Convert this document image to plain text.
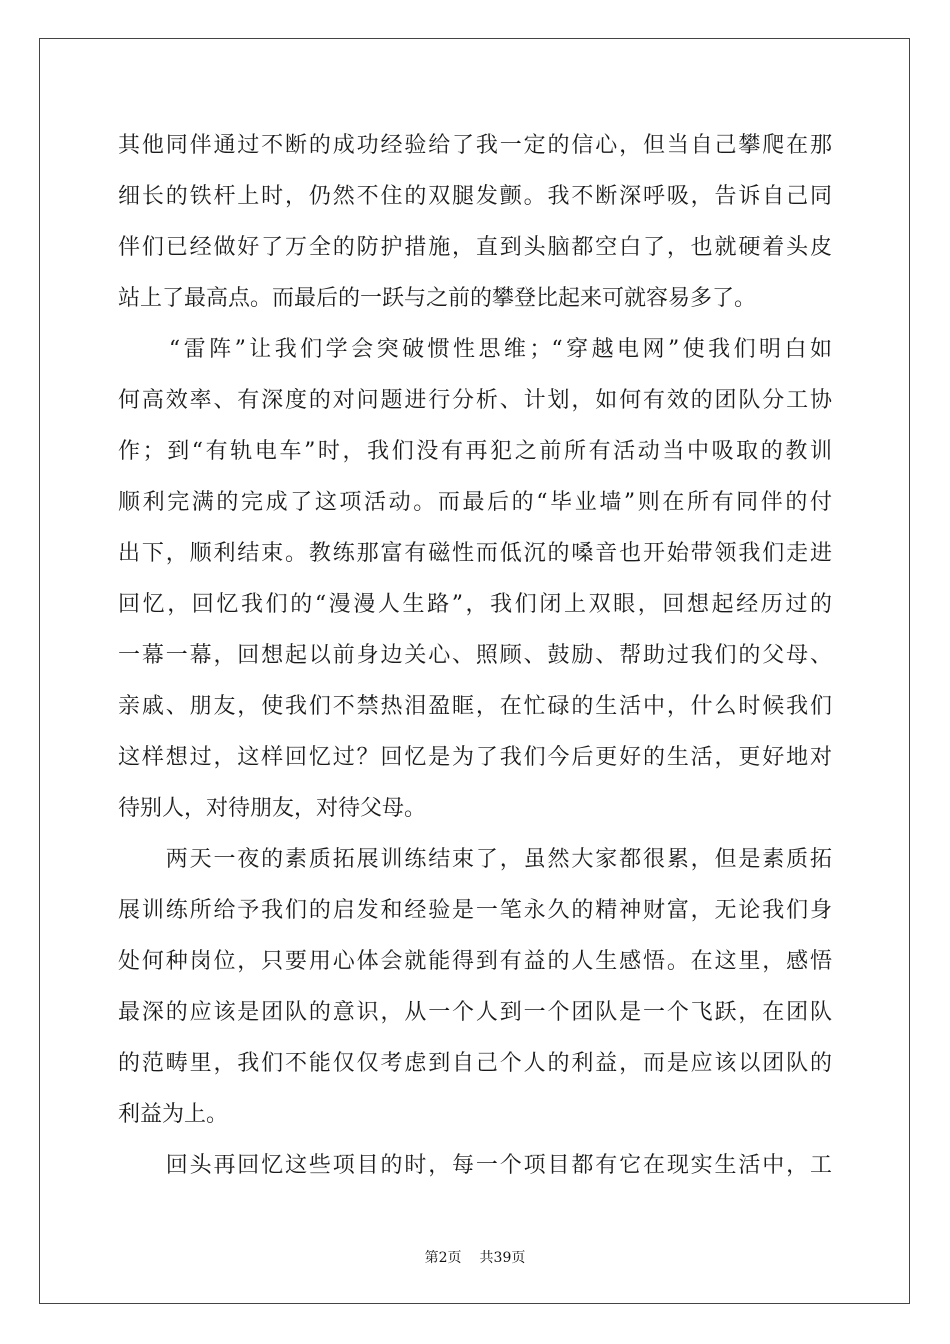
其他同伴通过不断的成功经验给了我一定的信心，但当自己攀爬在那
细长的铁杆上时，仍然不住的双腿发颤。我不断深呼吸，告诉自己同
伴们已经做好了万全的防护措施，直到头脑都空白了，也就硬着头皮
站上了最高点。而最后的一跃与之前的攀登比起来可就容易多了。
　　“雷阵”让我们学会突破惯性思维；“穿越电网”使我们明白如
何高效率、有深度的对问题进行分析、计划，如何有效的团队分工协
作；到“有轨电车”时，我们没有再犯之前所有活动当中吸取的教训
顺利完满的完成了这项活动。而最后的“毕业墙”则在所有同伴的付
出下，顺利结束。教练那富有磁性而低沉的嗓音也开始带领我们走进
回忆，回忆我们的“漫漫人生路”，我们闭上双眼，回想起经历过的
一幕一幕，回想起以前身边关心、照顾、鼓励、帮助过我们的父母、
亲戚、朋友，使我们不禁热泪盈眶，在忙碌的生活中，什么时候我们
这样想过，这样回忆过？回忆是为了我们今后更好的生活，更好地对
待别人，对待朋友，对待父母。
　　两天一夜的素质拓展训练结束了，虽然大家都很累，但是素质拓
展训练所给予我们的启发和经验是一笔永久的精神财富，无论我们身
处何种岗位，只要用心体会就能得到有益的人生感悟。在这里，感悟
最深的应该是团队的意识，从一个人到一个团队是一个飞跃，在团队
的范畴里，我们不能仅仅考虑到自己个人的利益，而是应该以团队的
利益为上。
　　回头再回忆这些项目的时，每一个项目都有它在现实生活中，工
第2页 共39页
